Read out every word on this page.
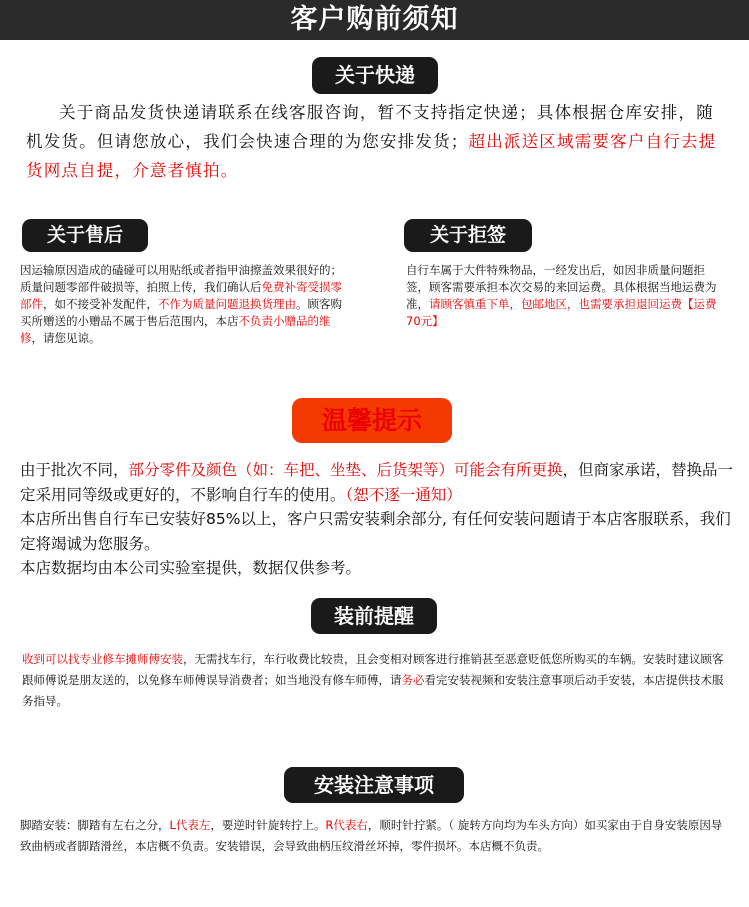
客户购前须知
关于快递

关于商品发货快递请联系在线客服咨询，暂不支持指定快递；具体根据仓库安排，随机发货。但请您放心，我们会快速合理的为您安排发货；超出派送区域需要客户自行去提货网点自提，介意者慎拍。

关于售后

因运输原因造成的磕碰可以用贴纸或者指甲油擦盖效果很好的；质量问题零部件破损等，拍照上传，我们确认后免费补寄受损零部件，如不接受补发配件，不作为质量问题退换货理由。顾客购买所赠送的小赠品不属于售后范围内，本店不负责小赠品的维修，请您见谅。

关于拒签

自行车属于大件特殊物品，一经发出后，如因非质量问题拒签，顾客需要承担本次交易的来回运费。具体根据当地运费为准，请顾客慎重下单，包邮地区，也需要承担退回运费【运费70元】

温馨提示

由于批次不同，部分零件及颜色（如：车把、坐垫、后货架等）可能会有所更换，但商家承诺，替换品一定采用同等级或更好的，不影响自行车的使用。（恕不逐一通知）
本店所出售自行车已安装好85%以上，客户只需安装剩余部分, 有任何安装问题请于本店客服联系，我们定将竭诚为您服务。
本店数据均由本公司实验室提供，数据仅供参考。

装前提醒

收到可以找专业修车摊师傅安装，无需找车行，车行收费比较贵，且会变相对顾客进行推销甚至恶意贬低您所购买的车辆。安装时建议顾客跟师傅说是朋友送的，以免修车师傅误导消费者；如当地没有修车师傅，请务必看完安装视频和安装注意事项后动手安装，本店提供技术服务指导。

安装注意事项

脚踏安装：脚踏有左右之分，L代表左，要逆时针旋转拧上。R代表右，顺时针拧紧。（ 旋转方向均为车头方向）如买家由于自身安装原因导致曲柄或者脚踏滑丝，本店概不负责。安装错误，会导致曲柄压纹滑丝坏掉，零件损坏。本店概不负责。
